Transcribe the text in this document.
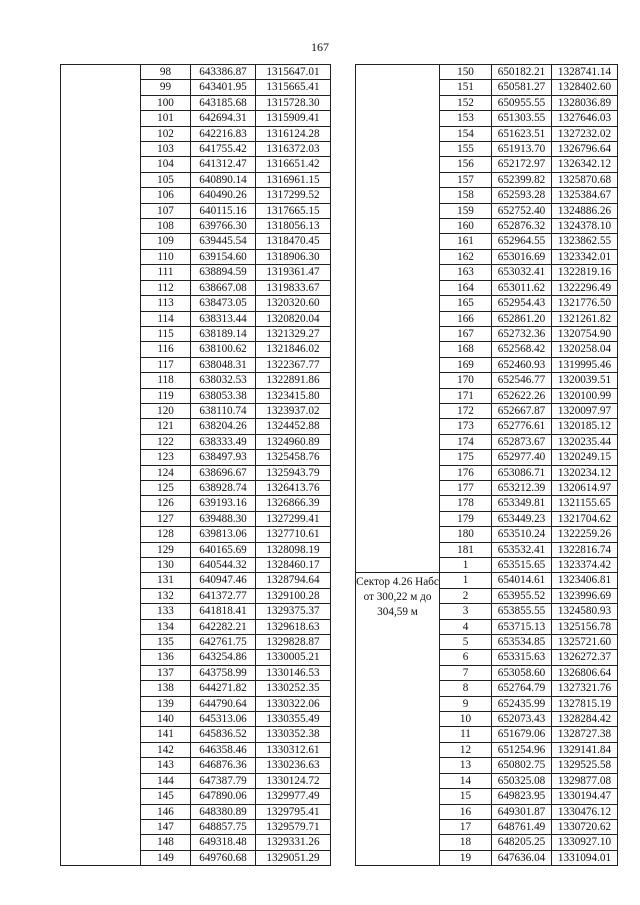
167
	98	643386.87	1315647.01
	99	643401.95	1315665.41
	100	643185.68	1315728.30
	101	642694.31	1315909.41
	102	642216.83	1316124.28
	103	641755.42	1316372.03
	104	641312.47	1316651.42
	105	640890.14	1316961.15
	106	640490.26	1317299.52
	107	640115.16	1317665.15
	108	639766.30	1318056.13
	109	639445.54	1318470.45
	110	639154.60	1318906.30
	111	638894.59	1319361.47
	112	638667.08	1319833.67
	113	638473.05	1320320.60
	114	638313.44	1320820.04
	115	638189.14	1321329.27
	116	638100.62	1321846.02
	117	638048.31	1322367.77
	118	638032.53	1322891.86
	119	638053.38	1323415.80
	120	638110.74	1323937.02
	121	638204.26	1324452.88
	122	638333.49	1324960.89
	123	638497.93	1325458.76
	124	638696.67	1325943.79
	125	638928.74	1326413.76
	126	639193.16	1326866.39
	127	639488.30	1327299.41
	128	639813.06	1327710.61
	129	640165.69	1328098.19
	130	640544.32	1328460.17
	131	640947.46	1328794.64
	132	641372.77	1329100.28
	133	641818.41	1329375.37
	134	642282.21	1329618.63
	135	642761.75	1329828.87
	136	643254.86	1330005.21
	137	643758.99	1330146.53
	138	644271.82	1330252.35
	139	644790.64	1330322.06
	140	645313.06	1330355.49
	141	645836.52	1330352.38
	142	646358.46	1330312.61
	143	646876.36	1330236.63
	144	647387.79	1330124.72
	145	647890.06	1329977.49
	146	648380.89	1329795.41
	147	648857.75	1329579.71
	148	649318.48	1329331.26
	149	649760.68	1329051.29
	150	650182.21	1328741.14
	151	650581.27	1328402.60
	152	650955.55	1328036.89
	153	651303.55	1327646.03
	154	651623.51	1327232.02
	155	651913.70	1326796.64
	156	652172.97	1326342.12
	157	652399.82	1325870.68
	158	652593.28	1325384.67
	159	652752.40	1324886.26
	160	652876.32	1324378.10
	161	652964.55	1323862.55
	162	653016.69	1323342.01
	163	653032.41	1322819.16
	164	653011.62	1322296.49
	165	652954.43	1321776.50
	166	652861.20	1321261.82
	167	652732.36	1320754.90
	168	652568.42	1320258.04
	169	652460.93	1319995.46
	170	652546.77	1320039.51
	171	652622.26	1320100.99
	172	652667.87	1320097.97
	173	652776.61	1320185.12
	174	652873.67	1320235.44
	175	652977.40	1320249.15
	176	653086.71	1320234.12
	177	653212.39	1320614.97
	178	653349.81	1321155.65
	179	653449.23	1321704.62
	180	653510.24	1322259.26
	181	653532.41	1322816.74
	1	653515.65	1323374.42
Сектор 4.26 Набс от 300,22 м до 304,59 м	1	654014.61	1323406.81
	2	653955.52	1323996.69
	3	653855.55	1324580.93
	4	653715.13	1325156.78
	5	653534.85	1325721.60
	6	653315.63	1326272.37
	7	653058.60	1326806.64
	8	652764.79	1327321.76
	9	652435.99	1327815.19
	10	652073.43	1328284.42
	11	651679.06	1328727.38
	12	651254.96	1329141.84
	13	650802.75	1329525.58
	14	650325.08	1329877.08
	15	649823.95	1330194.47
	16	649301.87	1330476.12
	17	648761.49	1330720.62
	18	648205.25	1330927.10
	19	647636.04	1331094.01
